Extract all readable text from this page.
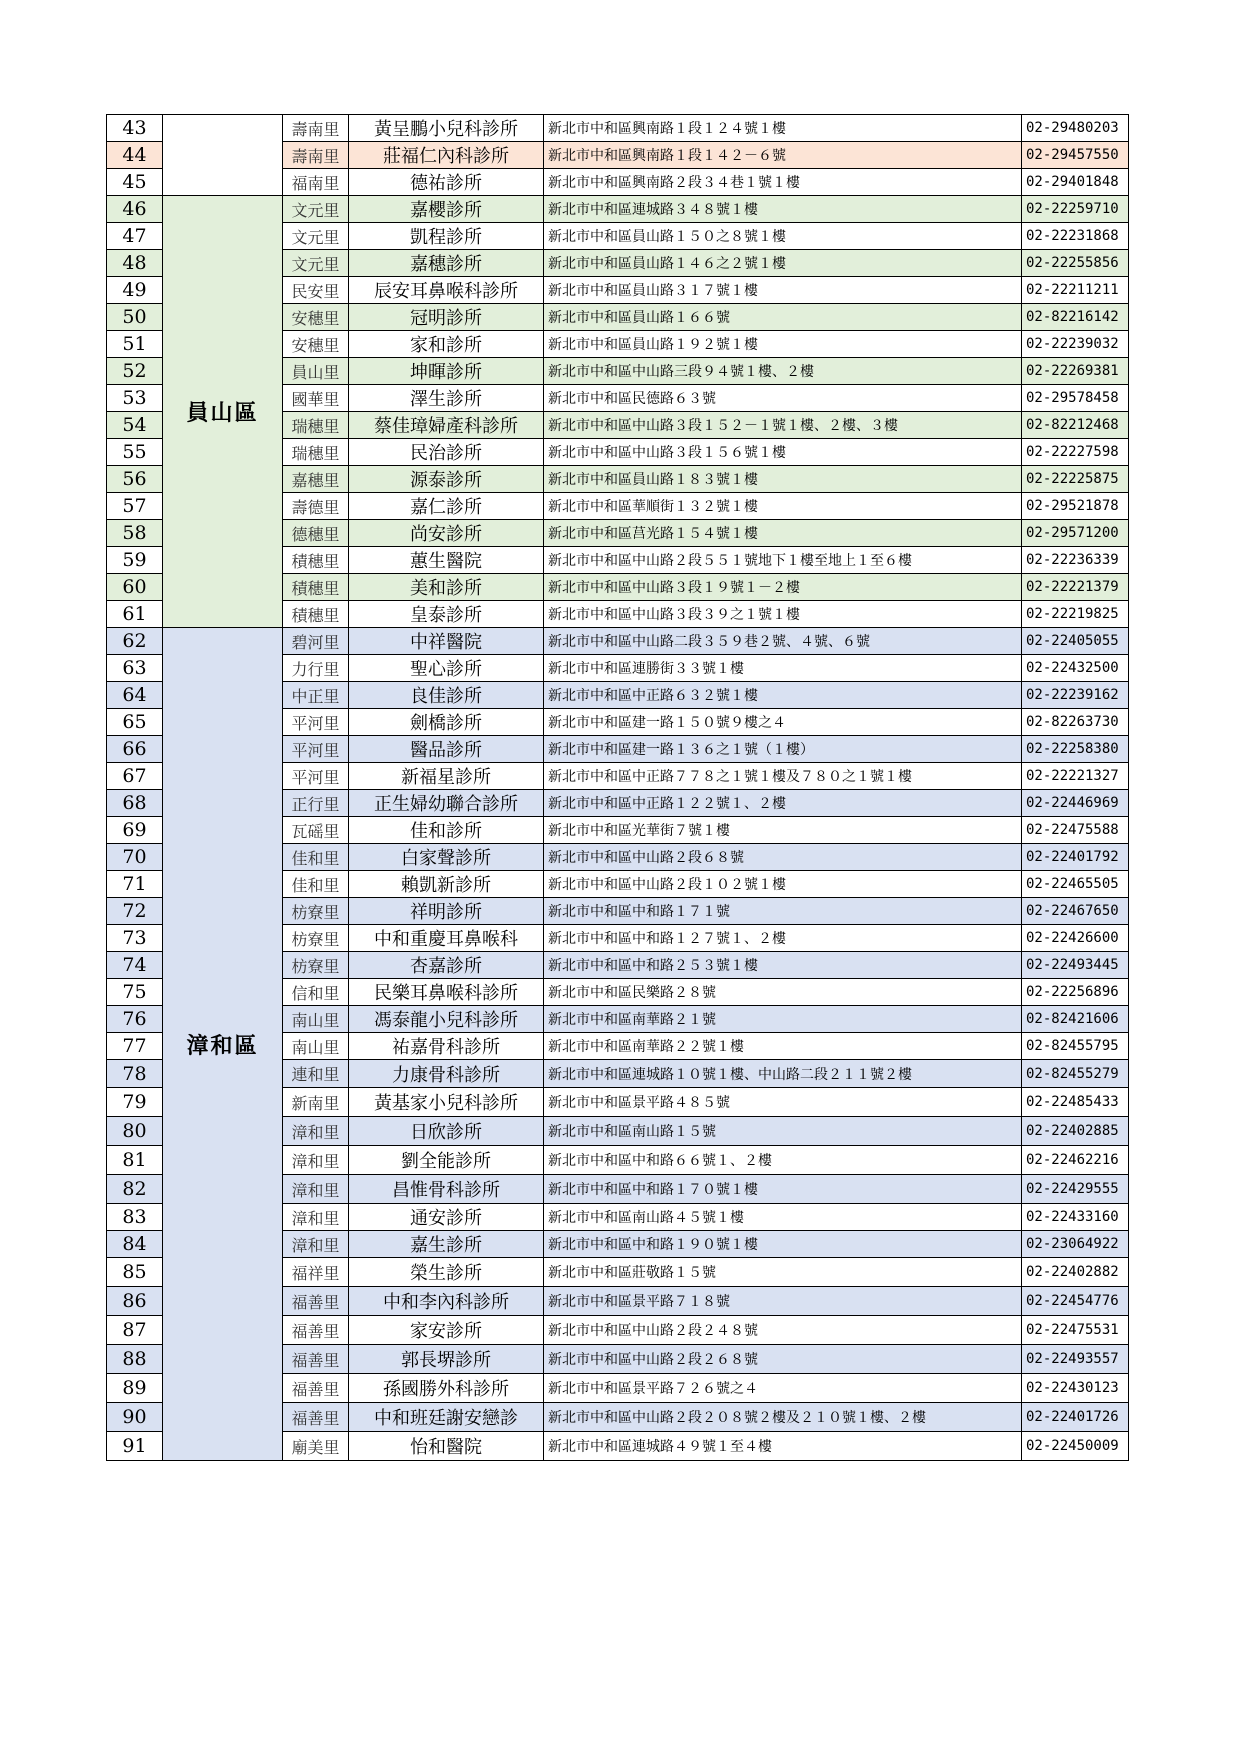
43		壽南里	黃呈鵬小兒科診所	新北市中和區興南路１段１２４號１樓	02-29480203
44		壽南里	莊福仁內科診所	新北市中和區興南路１段１４２－６號	02-29457550
45		福南里	德祐診所	新北市中和區興南路２段３４巷１號１樓	02-29401848
46	員山區	文元里	嘉櫻診所	新北市中和區連城路３４８號１樓	02-22259710
47		文元里	凱程診所	新北市中和區員山路１５０之８號１樓	02-22231868
48		文元里	嘉穗診所	新北市中和區員山路１４６之２號１樓	02-22255856
49		民安里	辰安耳鼻喉科診所	新北市中和區員山路３１７號１樓	02-22211211
50		安穗里	冠明診所	新北市中和區員山路１６６號	02-82216142
51		安穗里	家和診所	新北市中和區員山路１９２號１樓	02-22239032
52		員山里	坤暉診所	新北市中和區中山路三段９４號１樓、２樓	02-22269381
53		國華里	澤生診所	新北市中和區民德路６３號	02-29578458
54		瑞穗里	蔡佳璋婦產科診所	新北市中和區中山路３段１５２－１號１樓、２樓、３樓	02-82212468
55		瑞穗里	民治診所	新北市中和區中山路３段１５６號１樓	02-22227598
56		嘉穗里	源泰診所	新北市中和區員山路１８３號１樓	02-22225875
57		壽德里	嘉仁診所	新北市中和區華順街１３２號１樓	02-29521878
58		德穗里	尚安診所	新北市中和區莒光路１５４號１樓	02-29571200
59		積穗里	蕙生醫院	新北市中和區中山路２段５５１號地下１樓至地上１至６樓	02-22236339
60		積穗里	美和診所	新北市中和區中山路３段１９號１－２樓	02-22221379
61		積穗里	皇泰診所	新北市中和區中山路３段３９之１號１樓	02-22219825
62	漳和區	碧河里	中祥醫院	新北市中和區中山路二段３５９巷２號、４號、６號	02-22405055
63		力行里	聖心診所	新北市中和區連勝街３３號１樓	02-22432500
64		中正里	良佳診所	新北市中和區中正路６３２號１樓	02-22239162
65		平河里	劍橋診所	新北市中和區建一路１５０號９樓之４	02-82263730
66		平河里	醫品診所	新北市中和區建一路１３６之１號（１樓）	02-22258380
67		平河里	新福星診所	新北市中和區中正路７７８之１號１樓及７８０之１號１樓	02-22221327
68		正行里	正生婦幼聯合診所	新北市中和區中正路１２２號１、２樓	02-22446969
69		瓦磘里	佳和診所	新北市中和區光華街７號１樓	02-22475588
70		佳和里	白家聲診所	新北市中和區中山路２段６８號	02-22401792
71		佳和里	賴凱新診所	新北市中和區中山路２段１０２號１樓	02-22465505
72		枋寮里	祥明診所	新北市中和區中和路１７１號	02-22467650
73		枋寮里	中和重慶耳鼻喉科	新北市中和區中和路１２７號１、２樓	02-22426600
74		枋寮里	杏嘉診所	新北市中和區中和路２５３號１樓	02-22493445
75		信和里	民樂耳鼻喉科診所	新北市中和區民樂路２８號	02-22256896
76		南山里	馮泰龍小兒科診所	新北市中和區南華路２１號	02-82421606
77		南山里	祐嘉骨科診所	新北市中和區南華路２２號１樓	02-82455795
78		連和里	力康骨科診所	新北市中和區連城路１０號１樓、中山路二段２１１號２樓	02-82455279
79		新南里	黃基家小兒科診所	新北市中和區景平路４８５號	02-22485433
80		漳和里	日欣診所	新北市中和區南山路１５號	02-22402885
81		漳和里	劉全能診所	新北市中和區中和路６６號１、２樓	02-22462216
82		漳和里	昌惟骨科診所	新北市中和區中和路１７０號１樓	02-22429555
83		漳和里	通安診所	新北市中和區南山路４５號１樓	02-22433160
84		漳和里	嘉生診所	新北市中和區中和路１９０號１樓	02-23064922
85		福祥里	榮生診所	新北市中和區莊敬路１５號	02-22402882
86		福善里	中和李內科診所	新北市中和區景平路７１８號	02-22454776
87		福善里	家安診所	新北市中和區中山路２段２４８號	02-22475531
88		福善里	郭長堺診所	新北市中和區中山路２段２６８號	02-22493557
89		福善里	孫國勝外科診所	新北市中和區景平路７２６號之４	02-22430123
90		福善里	中和班廷謝安戀診	新北市中和區中山路２段２０８號２樓及２１０號１樓、２樓	02-22401726
91		廟美里	怡和醫院	新北市中和區連城路４９號１至４樓	02-22450009
